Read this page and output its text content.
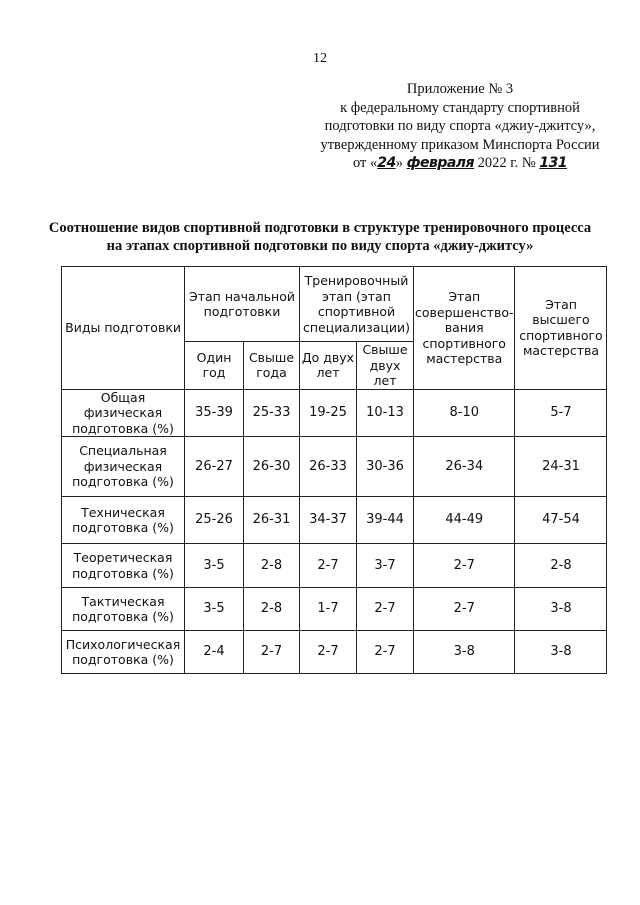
12
Приложение № 3
к федеральному стандарту спортивной
подготовки по виду спорта «джиу-джитсу»,
утвержденному приказом Минспорта России
от «24» февраля 2022 г. № 131
Соотношение видов спортивной подготовки в структуре тренировочного процесса на этапах спортивной подготовки по виду спорта «джиу-джитсу»
Виды подготовки	Этап начальной подготовки		Тренировочный этап (этап спортивной специализации)		Этап совершенство-вания спортивного мастерства	Этап высшего спортивного мастерства
	Один год	Свыше года	До двух лет	Свыше двух лет		
Общая физическая подготовка (%)	35-39	25-33	19-25	10-13	8-10	5-7
Специальная физическая подготовка (%)	26-27	26-30	26-33	30-36	26-34	24-31
Техническая подготовка (%)	25-26	26-31	34-37	39-44	44-49	47-54
Теоретическая подготовка (%)	3-5	2-8	2-7	3-7	2-7	2-8
Тактическая подготовка (%)	3-5	2-8	1-7	2-7	2-7	3-8
Психологическая подготовка (%)	2-4	2-7	2-7	2-7	3-8	3-8
